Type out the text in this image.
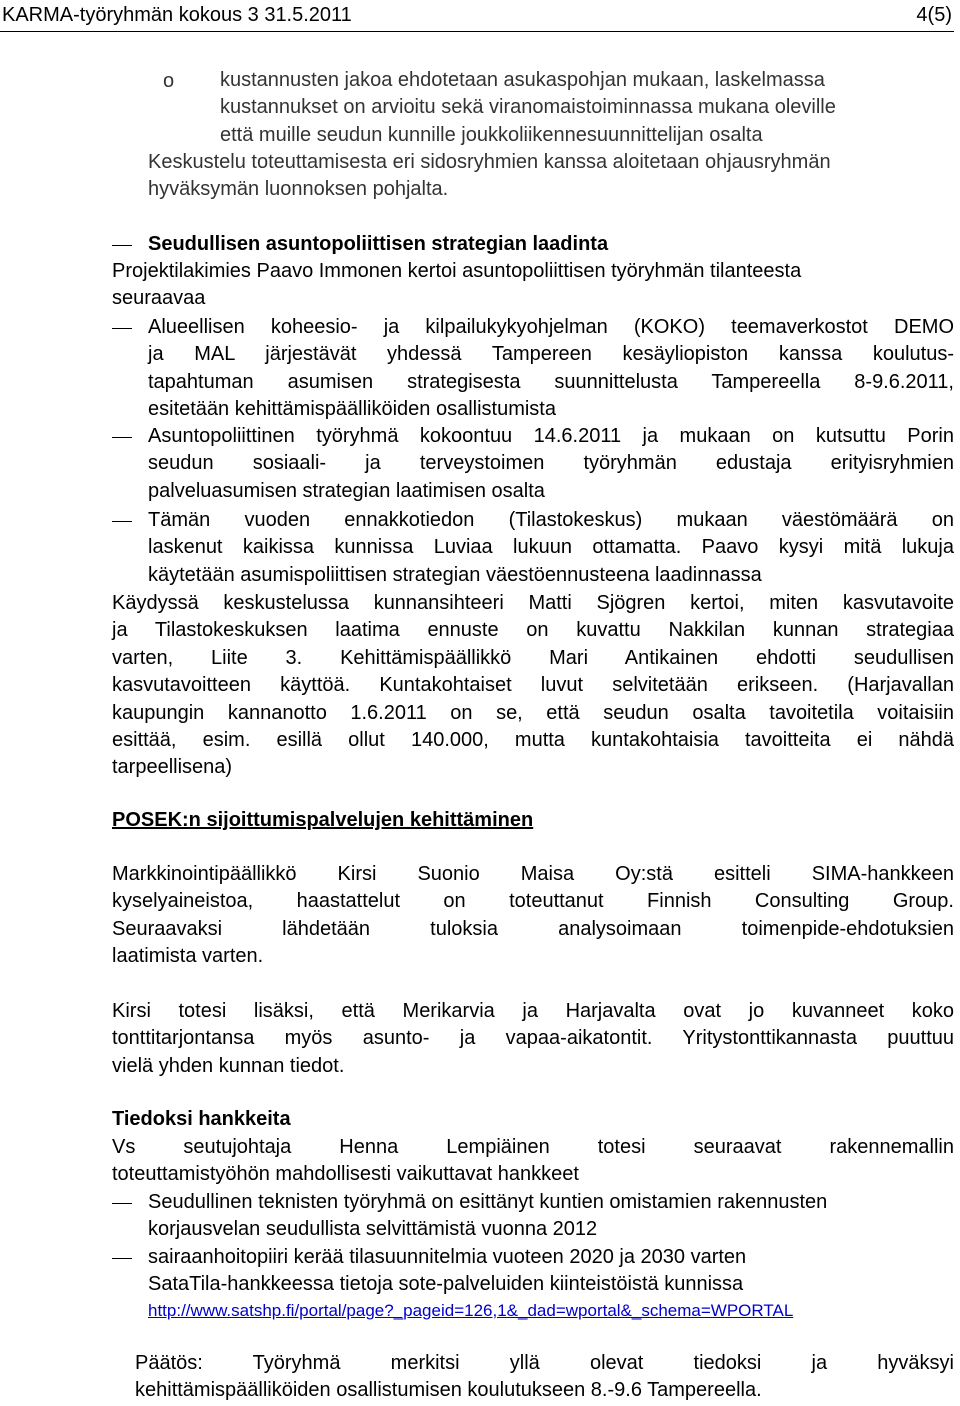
KARMA-työryhmän kokous 3 31.5.2011	4(5)
o kustannusten jakoa ehdotetaan asukaspohjan mukaan, laskelmassa
kustannukset on arvioitu sekä viranomaistoiminnassa mukana oleville
että muille seudun kunnille joukkoliikennesuunnittelijan osalta
Keskustelu toteuttamisesta eri sidosryhmien kanssa aloitetaan ohjausryhmän
hyväksymän luonnoksen pohjalta.
Seudullisen asuntopoliittisen strategian laadinta
Projektilakimies Paavo Immonen kertoi asuntopoliittisen työryhmän tilanteesta
seuraavaa
Alueellisen koheesio- ja kilpailukykyohjelman (KOKO) teemaverkostot DEMO
ja MAL järjestävät yhdessä Tampereen kesäyliopiston kanssa koulutus-
tapahtuman asumisen strategisesta suunnittelusta Tampereella 8-9.6.2011,
esitetään kehittämispäälliköiden osallistumista
Asuntopoliittinen työryhmä kokoontuu 14.6.2011 ja mukaan on kutsuttu Porin
seudun sosiaali- ja terveystoimen työryhmän edustaja erityisryhmien
palveluasumisen strategian laatimisen osalta
Tämän vuoden ennakkotiedon (Tilastokeskus) mukaan väestömäärä on
laskenut kaikissa kunnissa Luviaa lukuun ottamatta. Paavo kysyi mitä lukuja
käytetään asumispoliittisen strategian väestöennusteena laadinnassa
Käydyssä keskustelussa kunnansihteeri Matti Sjögren kertoi, miten kasvutavoite
ja Tilastokeskuksen laatima ennuste on kuvattu Nakkilan kunnan strategiaa
varten, Liite 3. Kehittämispäällikkö Mari Antikainen ehdotti seudullisen
kasvutavoitteen käyttöä. Kuntakohtaiset luvut selvitetään erikseen. (Harjavallan
kaupungin kannanotto 1.6.2011 on se, että seudun osalta tavoitetila voitaisiin
esittää, esim. esillä ollut 140.000, mutta kuntakohtaisia tavoitteita ei nähdä
tarpeellisena)
POSEK:n sijoittumispalvelujen kehittäminen
Markkinointipäällikkö Kirsi Suonio Maisa Oy:stä esitteli SIMA-hankkeen
kyselyaineistoa, haastattelut on toteuttanut Finnish Consulting Group.
Seuraavaksi lähdetään tuloksia analysoimaan toimenpide-ehdotuksien
laatimista varten.
Kirsi totesi lisäksi, että Merikarvia ja Harjavalta ovat jo kuvanneet koko
tonttitarjontansa myös asunto- ja vapaa-aikatontit. Yritystonttikannasta puuttuu
vielä yhden kunnan tiedot.
Tiedoksi hankkeita
Vs seutujohtaja Henna Lempiäinen totesi seuraavat rakennemallin
toteuttamistyöhön mahdollisesti vaikuttavat hankkeet
Seudullinen teknisten työryhmä on esittänyt kuntien omistamien rakennusten
korjausvelan seudullista selvittämistä vuonna 2012
sairaanhoitopiiri kerää tilasuunnitelmia vuoteen 2020 ja 2030 varten
SataTila-hankkeessa tietoja sote-palveluiden kiinteistöistä kunnissa
http://www.satshp.fi/portal/page?_pageid=126,1&_dad=wportal&_schema=WPORTAL
Päätös: Työryhmä merkitsi yllä olevat tiedoksi ja hyväksyi
kehittämispäälliköiden osallistumisen koulutukseen 8.-9.6 Tampereella.
